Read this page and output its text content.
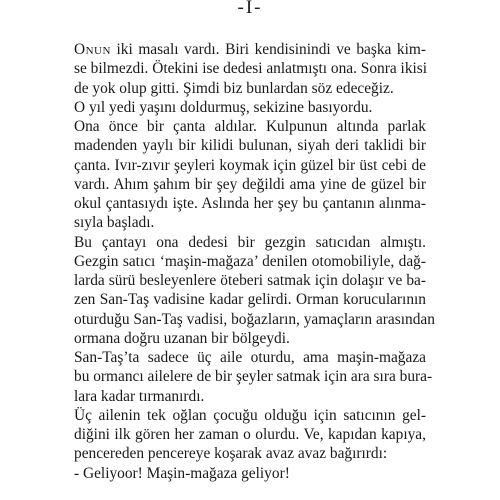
-I-
Onun iki masalı vardı. Biri kendisinindi ve başka kim-
se bilmezdi. Ötekini ise dedesi anlatmıştı ona. Sonra ikisi
de yok olup gitti. Şimdi biz bunlardan söz edeceğiz.
O yıl yedi yaşını doldurmuş, sekizine basıyordu.
Ona önce bir çanta aldılar. Kulpunun altında parlak
madenden yaylı bir kilidi bulunan, siyah deri taklidi bir
çanta. Ivır-zıvır şeyleri koymak için güzel bir üst cebi de
vardı. Ahım şahım bir şey değildi ama yine de güzel bir
okul çantasıydı işte. Aslında her şey bu çantanın alınma-
sıyla başladı.
Bu çantayı ona dedesi bir gezgin satıcıdan almıştı.
Gezgin satıcı ‘maşin-mağaza’ denilen otomobiliyle, dağ-
larda sürü besleyenlere öteberi satmak için dolaşır ve ba-
zen San-Taş vadisine kadar gelirdi. Orman korucularının
oturduğu San-Taş vadisi, boğazların, yamaçların arasından
ormana doğru uzanan bir bölgeydi.
San-Taş’ta sadece üç aile oturdu, ama maşin-mağaza
bu ormancı ailelere de bir şeyler satmak için ara sıra bura-
lara kadar tırmanırdı.
Üç ailenin tek oğlan çocuğu olduğu için satıcının gel-
diğini ilk gören her zaman o olurdu. Ve, kapıdan kapıya,
pencereden pencereye koşarak avaz avaz bağırırdı:
- Geliyoor! Maşin-mağaza geliyor!
